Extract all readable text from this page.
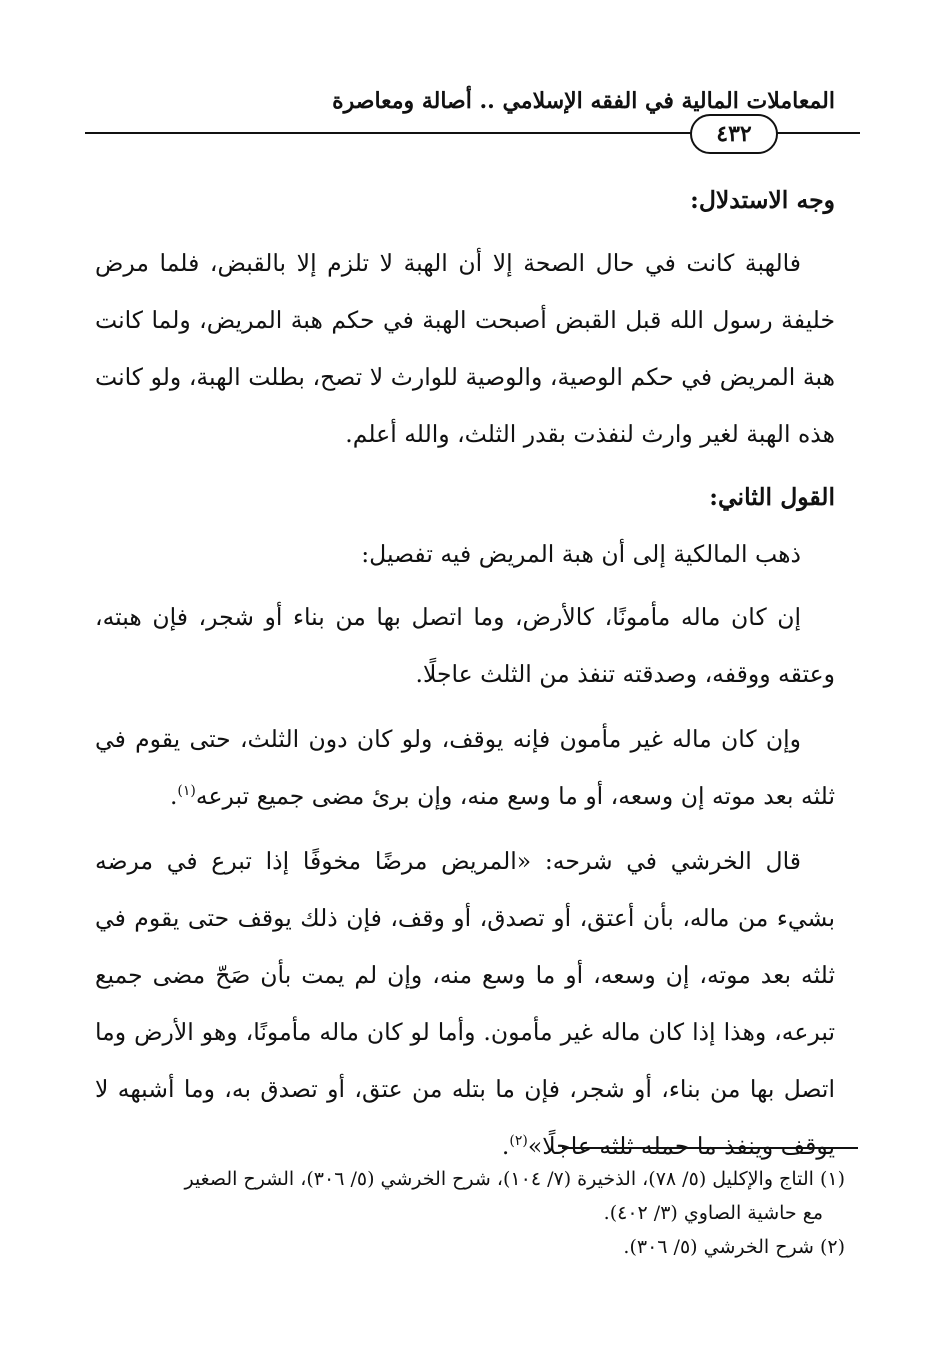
المعاملات المالية في الفقه الإسلامي .. أصالة ومعاصرة
٤٣٢

وجه الاستدلال:

فالهبة كانت في حال الصحة إلا أن الهبة لا تلزم إلا بالقبض، فلما مرض خليفة رسول الله قبل القبض أصبحت الهبة في حكم هبة المريض، ولما كانت هبة المريض في حكم الوصية، والوصية للوارث لا تصح، بطلت الهبة، ولو كانت هذه الهبة لغير وارث لنفذت بقدر الثلث، والله أعلم.

القول الثاني:

ذهب المالكية إلى أن هبة المريض فيه تفصيل:

إن كان ماله مأمونًا، كالأرض، وما اتصل بها من بناء أو شجر، فإن هبته، وعتقه ووقفه، وصدقته تنفذ من الثلث عاجلًا.

وإن كان ماله غير مأمون فإنه يوقف، ولو كان دون الثلث، حتى يقوم في ثلثه بعد موته إن وسعه، أو ما وسع منه، وإن برئ مضى جميع تبرعه$^{(١)}$.

قال الخرشي في شرحه: «المريض مرضًا مخوفًا إذا تبرع في مرضه بشيء من ماله، بأن أعتق، أو تصدق، أو وقف، فإن ذلك يوقف حتى يقوم في ثلثه بعد موته، إن وسعه، أو ما وسع منه، وإن لم يمت بأن صَحّ مضى جميع تبرعه، وهذا إذا كان ماله غير مأمون. وأما لو كان ماله مأمونًا، وهو الأرض وما اتصل بها من بناء، أو شجر، فإن ما بتله من عتق، أو تصدق به، وما أشبهه لا يوقف وينفذ ما حمله ثلثه عاجلًا»$^{(٢)}$.

(١) التاج والإكليل (٥/ ٧٨)، الذخيرة (٧/ ١٠٤)، شرح الخرشي (٥/ ٣٠٦)، الشرح الصغير

مع حاشية الصاوي (٣/ ٤٠٢).

(٢) شرح الخرشي (٥/ ٣٠٦).
